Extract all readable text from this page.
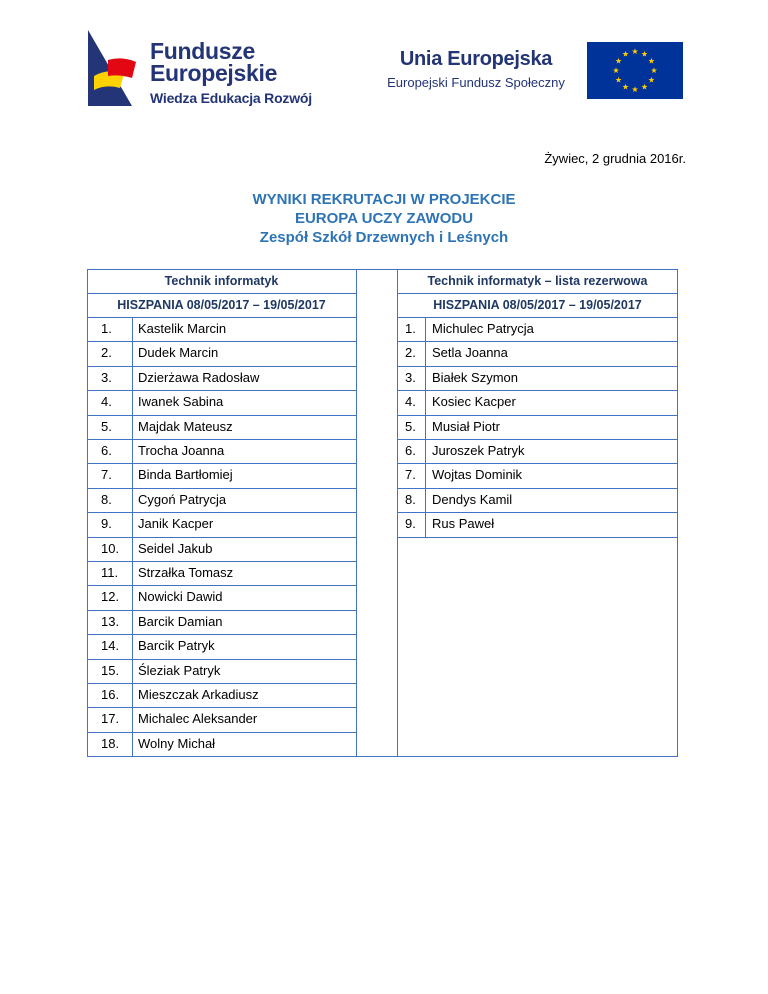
Fundusze
Europejskie
Wiedza Edukacja Rozwój
Unia Europejska
Europejski Fundusz Społeczny
Żywiec, 2 grudnia 2016r.
WYNIKI REKRUTACJI W PROJEKCIE
EUROPA UCZY ZAWODU
Zespół Szkół Drzewnych i Leśnych
Technik informatyk
HISZPANIA 08/05/2017 – 19/05/2017
Technik informatyk – lista rezerwowa
HISZPANIA 08/05/2017 – 19/05/2017
1. Kastelik Marcin
2. Dudek Marcin
3. Dzierżawa Radosław
4. Iwanek Sabina
5. Majdak Mateusz
6. Trocha Joanna
7. Binda Bartłomiej
8. Cygoń Patrycja
9. Janik Kacper
10. Seidel Jakub
11. Strzałka Tomasz
12. Nowicki Dawid
13. Barcik Damian
14. Barcik Patryk
15. Śleziak Patryk
16. Mieszczak Arkadiusz
17. Michalec Aleksander
18. Wolny Michał
1. Michulec Patrycja
2. Setla Joanna
3. Białek Szymon
4. Kosiec Kacper
5. Musiał Piotr
6. Juroszek Patryk
7. Wojtas Dominik
8. Dendys Kamil
9. Rus Paweł
